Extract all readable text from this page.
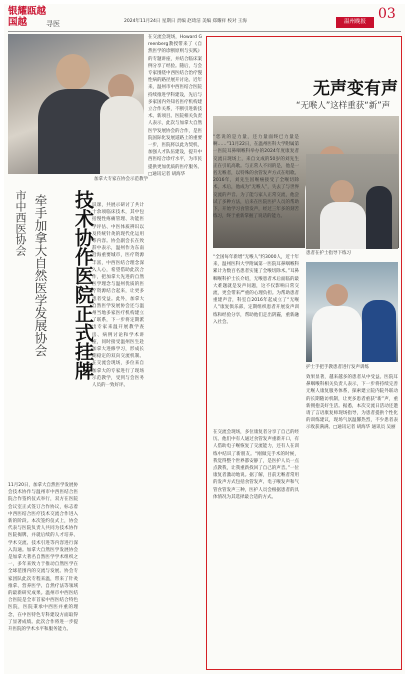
银耀瓯越
国越	寻医	2024年11月24日 星期日 责编 赵琦洁 美编 郑耀祥 校对 王海	温州晚报 03
加拿大专家在协会示范教学
市中西医协会 牵手加拿大自然医学发展协会	技术协作医院正式挂牌
11月20日，加拿大自然医学发展协会技术协作与温州市中西医结合医院合作签约仪式举行，双方在医院会议室正式签订合作协议，标志着中西医结合医疗技术交流合作进入新的阶段。本次签约仪式上，协会代表与医院负责人共同为技术协作医院揭牌，并就后续的人才培养、学术交流、技术引进等内容进行深入沟通。加拿大自然医学发展协会是加拿大著名自然医学学术组织之一，多年来致力于推动自然医学在全球范围内的交流与发展。协会专家团队此次专程来温，带来了针灸推拿、营养医学、自然疗法等领域的最新研究成果。温州市中西医结合医院是全市首家中西医结合特色医院，医院秉承中西医并重的理念，在中医特色专科建设方面取得了显著成绩。此次合作将进一步提升医院的学术水平和服务能力。
识课，共展示研讨了共计十余项临床技术，其中包括慢性疼痛管理、功能医学评估、中医体质辨识以及传统针灸的现代化运用等内容。协会副会长在致辞中表示，温州作为东南沿海重要城市，医疗资源丰富，中西医结合理念深入人心，希望借助此次合作，把加拿大先进的自然医学理念与温州优质的医疗资源结合起来，让更多患者受益。此外，加拿大自然医学发展协会还与温州当地多家医疗机构建立了联系，下一步将定期派出专家来温开展教学查房、病例讨论和学术讲座，同时接受温州医生赴加拿大进修学习，形成长期稳定的双向交流机制。在交流会现场，多位来自加拿大的专家进行了现场示范教学，受到与会医务人员的一致好评。
在交流会现场，Howard Greenberg教授带来了《自然医学的诊断原则与实践》的专题讲座，并结合临床案例分享了经验。随后，与会专家围绕中西医结合治疗慢性病的路径展开讨论。近年来，温州市中西医结合医院持续推进学科建设，先后与多家国内外知名医疗机构建立合作关系，不断引进新技术、新项目。医院相关负责人表示，此次与加拿大自然医学发展协会的合作，是医院国际化发展道路上的重要一步，医院将以此为契机，加强人才队伍建设，提升中西医结合诊疗水平，为市民提供更加优质的医疗服务。□通讯记者 胡海华
无声变有声
“无喉人”这样重获“新”声
患者在护士指导下练习
护士手把手教患者进行发声训练
“您说的是力量，还力量面终已力量是啊……”11月22日，在温州医科大学附属第一医院耳鼻咽喉科举办的2024年度康复者交流日现场上，来自文成的50岁的刘先生正在引吭高歌。与正常人不同的是，他是一名无喉者，以特殊的食管发声方式在唱歌。2016年，刘先生因喉癌接受了全喉切除术，术后，他成为“无喉人”，失去了与世界交流的声音。为了能与家人正常交流，他尝试了多种方法，后来在医院医护人员的帮助下，开始学习食管发声，经过三年多的刻苦练习，终于重新掌握了说话的能力。
“全国每年新增“无喉人”约3000人，近十年来，温州医科大学附属第一医院耳鼻咽喉科累计为数百名患者实施了全喉切除术。”耳鼻咽喉科护士长介绍，无喉患者术后面临的最大难题就是发声问题，这不仅影响日常交流，更会带来严重的心理负担。为帮助患者重建声音，科室自2016年起成立了“无喉人”康复俱乐部，定期组织患者开展发声训练和经验分享，帮助他们走出阴霾，重新融入社会。
在交流会现场，多位康复者分享了自己的经历。他们中有人通过食管发声重新开口，有人借助电子喉恢复了交流能力，还有人在训练中结识了新朋友。“刚做完手术的时候，我觉得整个世界都安静了，是医护人员一点点教我，让我重新找回了自己的声音。”一位康复者激动地说。据了解，目前无喉者常用的发声方式包括食管发声、电子喉发声和气管食管发声三种，医护人员会根据患者的具体情况为其选择最合适的方式。
效果显著，越来越多的患者从中受益。医院耳鼻咽喉科相关负责人表示，下一步将持续完善无喉人康复服务体系，探索建立院内院外联动的长期随访机制，让更多患者重获“新”声，重新拥抱美好生活。据悉，本次交流日活动还邀请了言语康复师现场指导，为患者提供个性化的训练建议，现场气氛温馨热烈，不少患者表示收获满满。□通讯记者 胡海华 通讯员 吴丽
